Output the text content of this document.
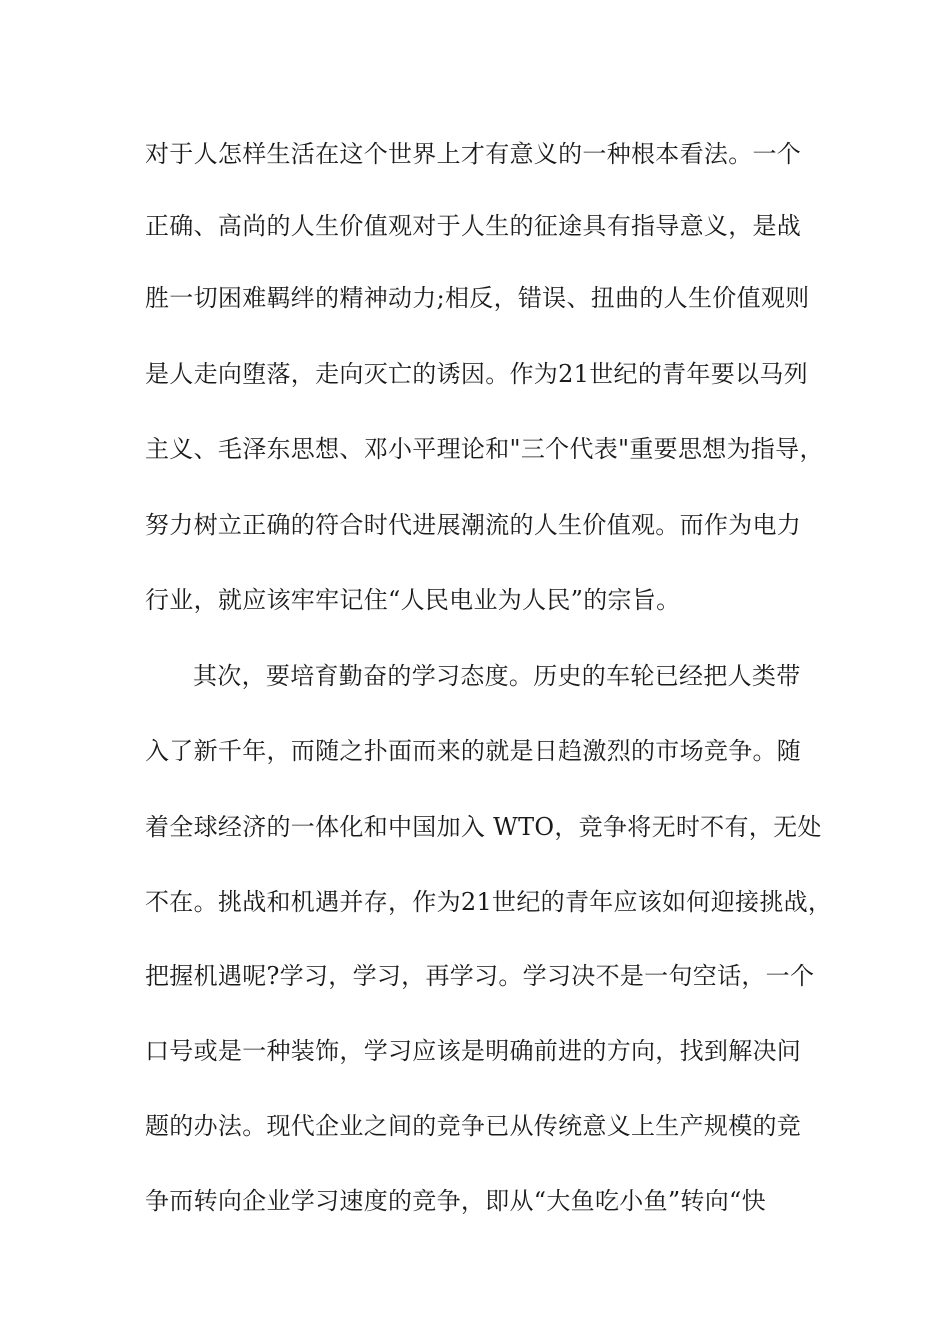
对于人怎样生活在这个世界上才有意义的一种根本看法。一个
正确、高尚的人生价值观对于人生的征途具有指导意义，是战
胜一切困难羁绊的精神动力;相反，错误、扭曲的人生价值观则
是人走向堕落，走向灭亡的诱因。作为21世纪的青年要以马列
主义、毛泽东思想、邓小平理论和"三个代表"重要思想为指导，
努力树立正确的符合时代进展潮流的人生价值观。而作为电力
行业，就应该牢牢记住“人民电业为人民”的宗旨。
其次，要培育勤奋的学习态度。历史的车轮已经把人类带
入了新千年，而随之扑面而来的就是日趋激烈的市场竞争。随
着全球经济的一体化和中国加入 WTO，竞争将无时不有，无处
不在。挑战和机遇并存，作为21世纪的青年应该如何迎接挑战，
把握机遇呢?学习，学习，再学习。学习决不是一句空话，一个
口号或是一种装饰，学习应该是明确前进的方向，找到解决问
题的办法。现代企业之间的竞争已从传统意义上生产规模的竞
争而转向企业学习速度的竞争，即从“大鱼吃小鱼”转向“快
